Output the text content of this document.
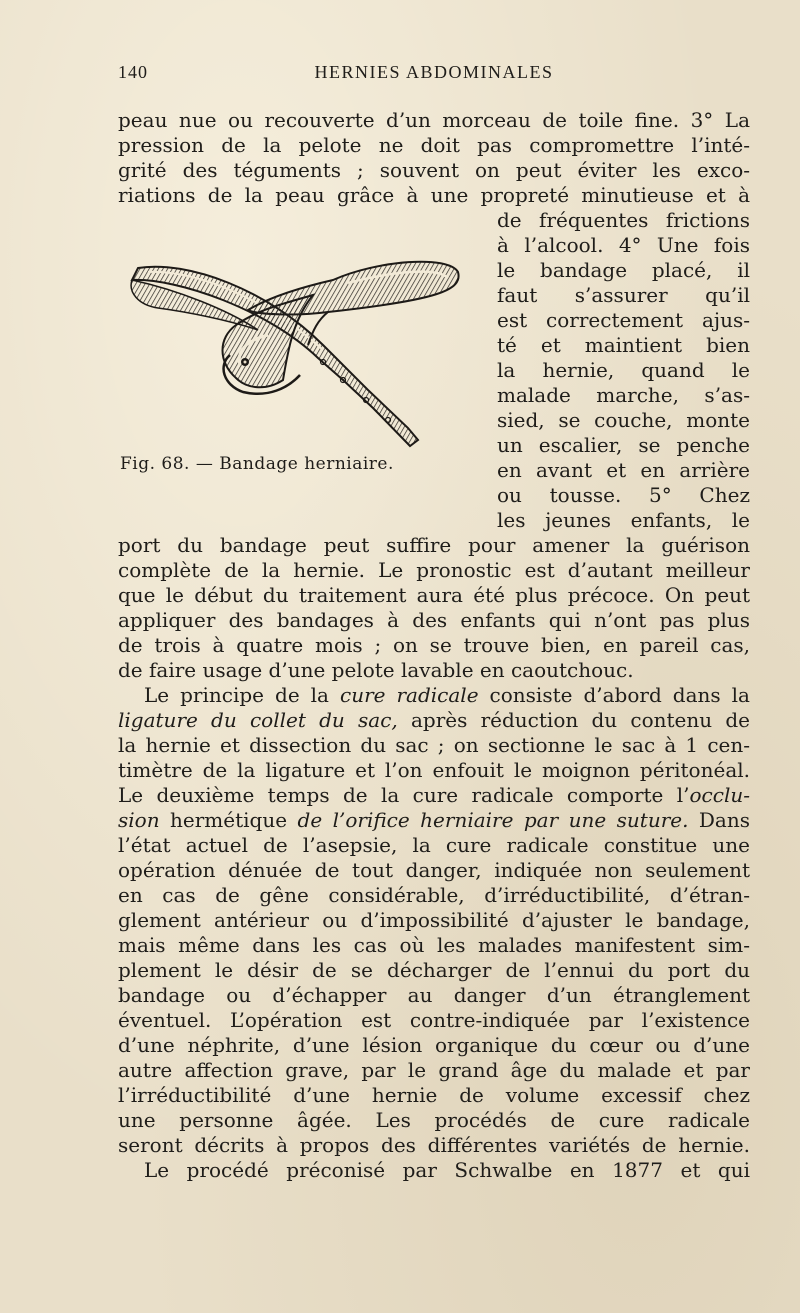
140	HERNIES ABDOMINALES
Fig. 68. — Bandage herniaire.
peau nue ou recouverte d’un morceau de toile fine. 3° La
pression de la pelote ne doit pas compromettre l’inté-
grité des téguments ; souvent on peut éviter les exco-
riations de la peau grâce à une propreté minutieuse et à
de fréquentes frictions
à l’alcool. 4° Une fois
le bandage placé, il
faut s’assurer qu’il
est correctement ajus-
té et maintient bien
la hernie, quand le
malade marche, s’as-
sied, se couche, monte
un escalier, se penche
en avant et en arrière
ou tousse. 5° Chez
les jeunes enfants, le
port du bandage peut suffire pour amener la guérison
complète de la hernie. Le pronostic est d’autant meilleur
que le début du traitement aura été plus précoce. On peut
appliquer des bandages à des enfants qui n’ont pas plus
de trois à quatre mois ; on se trouve bien, en pareil cas,
de faire usage d’une pelote lavable en caoutchouc.
Le principe de la cure radicale consiste d’abord dans la
ligature du collet du sac, après réduction du contenu de
la hernie et dissection du sac ; on sectionne le sac à 1 cen-
timètre de la ligature et l’on enfouit le moignon péritonéal.
Le deuxième temps de la cure radicale comporte l’occlu-
sion hermétique de l’orifice herniaire par une suture. Dans
l’état actuel de l’asepsie, la cure radicale constitue une
opération dénuée de tout danger, indiquée non seulement
en cas de gêne considérable, d’irréductibilité, d’étran-
glement antérieur ou d’impossibilité d’ajuster le bandage,
mais même dans les cas où les malades manifestent sim-
plement le désir de se décharger de l’ennui du port du
bandage ou d’échapper au danger d’un étranglement
éventuel. L’opération est contre-indiquée par l’existence
d’une néphrite, d’une lésion organique du cœur ou d’une
autre affection grave, par le grand âge du malade et par
l’irréductibilité d’une hernie de volume excessif chez
une personne âgée. Les procédés de cure radicale
seront décrits à propos des différentes variétés de hernie.
Le procédé préconisé par Schwalbe en 1877 et qui
